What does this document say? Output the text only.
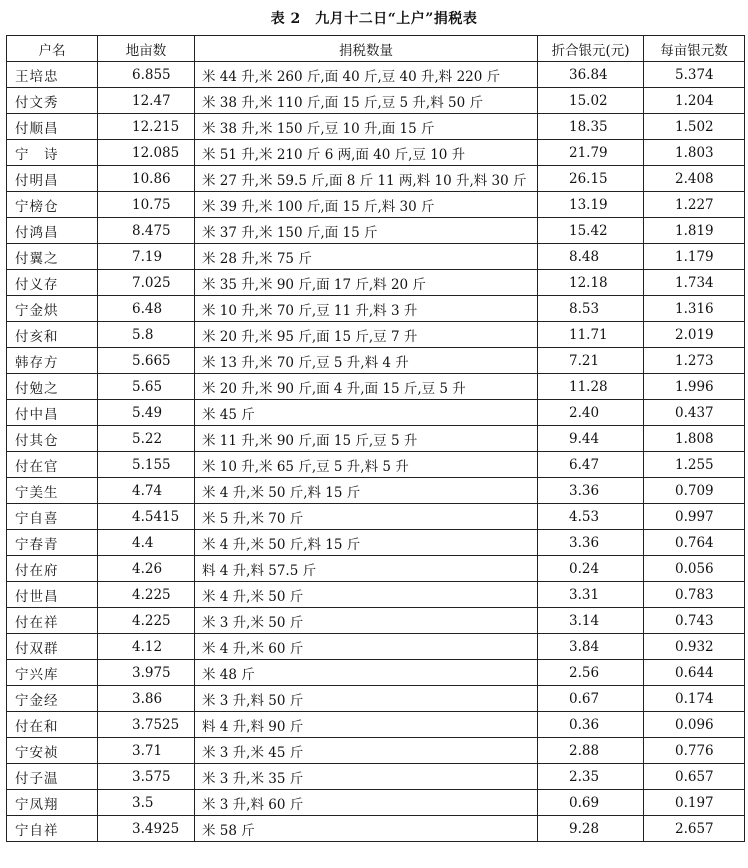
表 2　九月十二日“上户”捐税表
户名	地亩数	捐税数量	折合银元(元)	每亩银元数
王培忠	6.855	米 44 升,米 260 斤,面 40 斤,豆 40 升,料 220 斤	36.84	5.374
付文秀	12.47	米 38 升,米 110 斤,面 15 斤,豆 5 升,料 50 斤	15.02	1.204
付顺昌	12.215	米 38 升,米 150 斤,豆 10 升,面 15 斤	18.35	1.502
宁　诗	12.085	米 51 升,米 210 斤 6 两,面 40 斤,豆 10 升	21.79	1.803
付明昌	10.86	米 27 升,米 59.5 斤,面 8 斤 11 两,料 10 升,料 30 斤	26.15	2.408
宁榜仓	10.75	米 39 升,米 100 斤,面 15 斤,料 30 斤	13.19	1.227
付鸿昌	8.475	米 37 升,米 150 斤,面 15 斤	15.42	1.819
付翼之	7.19	米 28 升,米 75 斤	8.48	1.179
付义存	7.025	米 35 升,米 90 斤,面 17 斤,料 20 斤	12.18	1.734
宁金烘	6.48	米 10 升,米 70 斤,豆 11 升,料 3 升	8.53	1.316
付亥和	5.8	米 20 升,米 95 斤,面 15 斤,豆 7 升	11.71	2.019
韩存方	5.665	米 13 升,米 70 斤,豆 5 升,料 4 升	7.21	1.273
付勉之	5.65	米 20 升,米 90 斤,面 4 升,面 15 斤,豆 5 升	11.28	1.996
付中昌	5.49	米 45 斤	2.40	0.437
付其仓	5.22	米 11 升,米 90 斤,面 15 斤,豆 5 升	9.44	1.808
付在官	5.155	米 10 升,米 65 斤,豆 5 升,料 5 升	6.47	1.255
宁美生	4.74	米 4 升,米 50 斤,料 15 斤	3.36	0.709
宁自喜	4.5415	米 5 升,米 70 斤	4.53	0.997
宁春青	4.4	米 4 升,米 50 斤,料 15 斤	3.36	0.764
付在府	4.26	料 4 升,料 57.5 斤	0.24	0.056
付世昌	4.225	米 4 升,米 50 斤	3.31	0.783
付在祥	4.225	米 3 升,米 50 斤	3.14	0.743
付双群	4.12	米 4 升,米 60 斤	3.84	0.932
宁兴库	3.975	米 48 斤	2.56	0.644
宁金经	3.86	米 3 升,料 50 斤	0.67	0.174
付在和	3.7525	料 4 升,料 90 斤	0.36	0.096
宁安祯	3.71	米 3 升,米 45 斤	2.88	0.776
付子温	3.575	米 3 升,米 35 斤	2.35	0.657
宁凤翔	3.5	米 3 升,料 60 斤	0.69	0.197
宁自祥	3.4925	米 58 斤	9.28	2.657
